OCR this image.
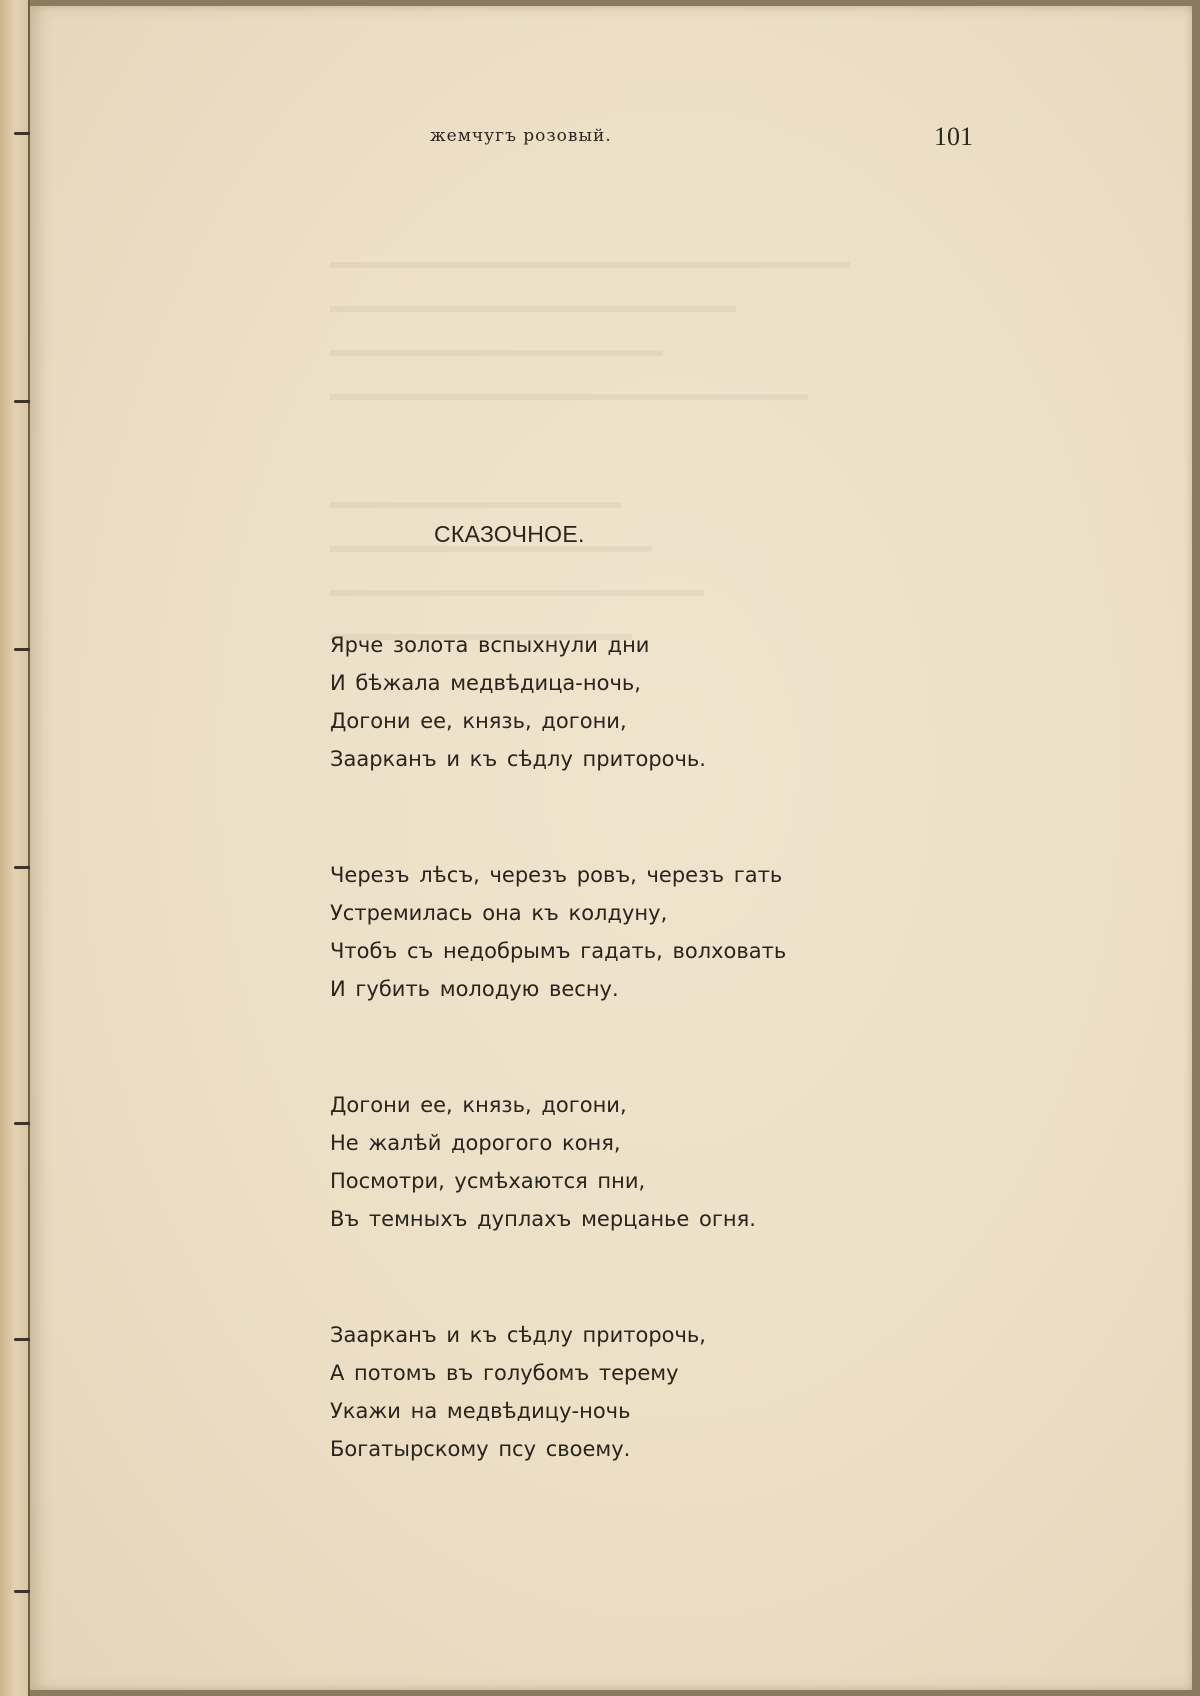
жемчугъ розовый.	101
СКАЗОЧНОЕ.
Ярче золота вспыхнули дни
И бѣжала медвѣдица-ночь,
Догони ее, князь, догони,
Заарканъ и къ сѣдлу приторочь.
Черезъ лѣсъ, черезъ ровъ, черезъ гать
Устремилась она къ колдуну,
Чтобъ съ недобрымъ гадать, волховать
И губить молодую весну.
Догони ее, князь, догони,
Не жалѣй дорогого коня,
Посмотри, усмѣхаются пни,
Въ темныхъ дуплахъ мерцанье огня.
Заарканъ и къ сѣдлу приторочь,
А потомъ въ голубомъ терему
Укажи на медвѣдицу-ночь
Богатырскому псу своему.
